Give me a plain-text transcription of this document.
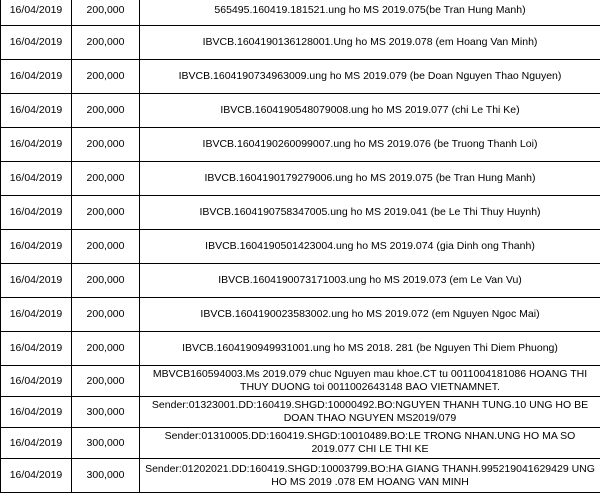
16/04/2019	200,000	565495.160419.181521.ung ho MS 2019.075(be Tran Hung Manh)
16/04/2019	200,000	IBVCB.1604190136128001.Ung ho MS 2019.078 (em Hoang Van Minh)
16/04/2019	200,000	IBVCB.1604190734963009.ung ho MS 2019.079 (be Doan Nguyen Thao Nguyen)
16/04/2019	200,000	IBVCB.1604190548079008.ung ho MS 2019.077 (chi Le Thi Ke)
16/04/2019	200,000	IBVCB.1604190260099007.ung ho MS 2019.076 (be Truong Thanh Loi)
16/04/2019	200,000	IBVCB.1604190179279006.ung ho MS 2019.075 (be Tran Hung Manh)
16/04/2019	200,000	IBVCB.1604190758347005.ung ho MS 2019.041 (be Le Thi Thuy Huynh)
16/04/2019	200,000	IBVCB.1604190501423004.ung ho MS 2019.074 (gia Dinh ong Thanh)
16/04/2019	200,000	IBVCB.1604190073171003.ung ho MS 2019.073 (em Le Van Vu)
16/04/2019	200,000	IBVCB.1604190023583002.ung ho MS 2019.072 (em Nguyen Ngoc Mai)
16/04/2019	200,000	IBVCB.1604190949931001.ung ho MS 2018. 281 (be Nguyen Thi Diem Phuong)
16/04/2019	200,000	MBVCB160594003.Ms 2019.079 chuc Nguyen mau khoe.CT tu 0011004181086 HOANG THI THUY DUONG toi 0011002643148 BAO VIETNAMNET.
16/04/2019	300,000	Sender:01323001.DD:160419.SHGD:10000492.BO:NGUYEN THANH TUNG.10 UNG HO BE DOAN THAO NGUYEN MS2019/079
16/04/2019	300,000	Sender:01310005.DD:160419.SHGD:10010489.BO:LE TRONG NHAN.UNG HO MA SO 2019.077 CHI LE THI KE
16/04/2019	300,000	Sender:01202021.DD:160419.SHGD:10003799.BO:HA GIANG THANH.995219041629429 UNG HO MS 2019 .078 EM HOANG VAN MINH
